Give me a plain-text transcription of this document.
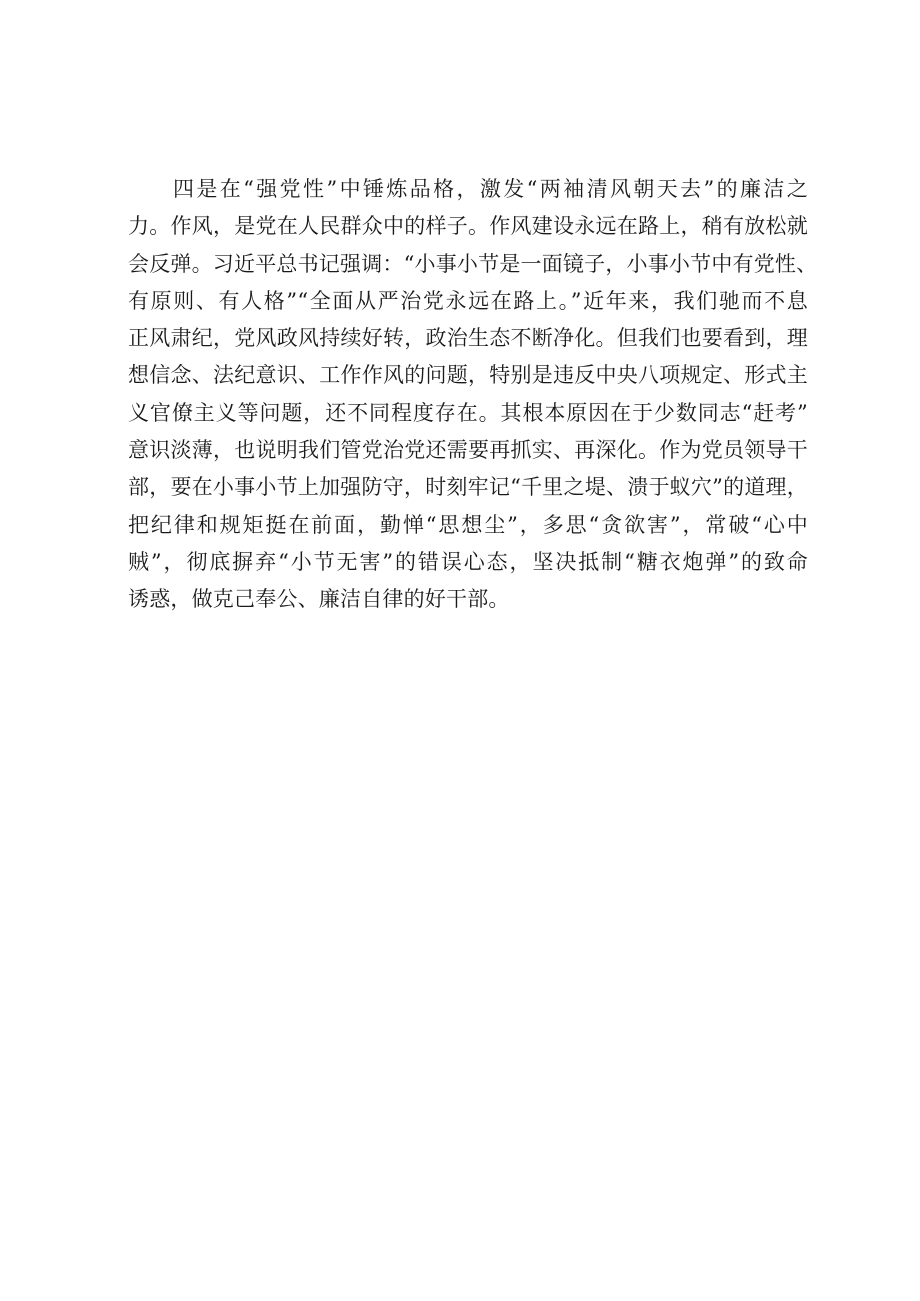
四是在“强党性”中锤炼品格，激发“两袖清风朝天去”的廉洁之
力。作风，是党在人民群众中的样子。作风建设永远在路上，稍有放松就
会反弹。习近平总书记强调：“小事小节是一面镜子，小事小节中有党性、
有原则、有人格”“全面从严治党永远在路上。”近年来，我们驰而不息
正风肃纪，党风政风持续好转，政治生态不断净化。但我们也要看到，理
想信念、法纪意识、工作作风的问题，特别是违反中央八项规定、形式主
义官僚主义等问题，还不同程度存在。其根本原因在于少数同志“赶考”
意识淡薄，也说明我们管党治党还需要再抓实、再深化。作为党员领导干
部，要在小事小节上加强防守，时刻牢记“千里之堤、溃于蚁穴”的道理，
把纪律和规矩挺在前面，勤惮“思想尘”，多思“贪欲害”，常破“心中
贼”，彻底摒弃“小节无害”的错误心态，坚决抵制“糖衣炮弹”的致命
诱惑，做克己奉公、廉洁自律的好干部。
